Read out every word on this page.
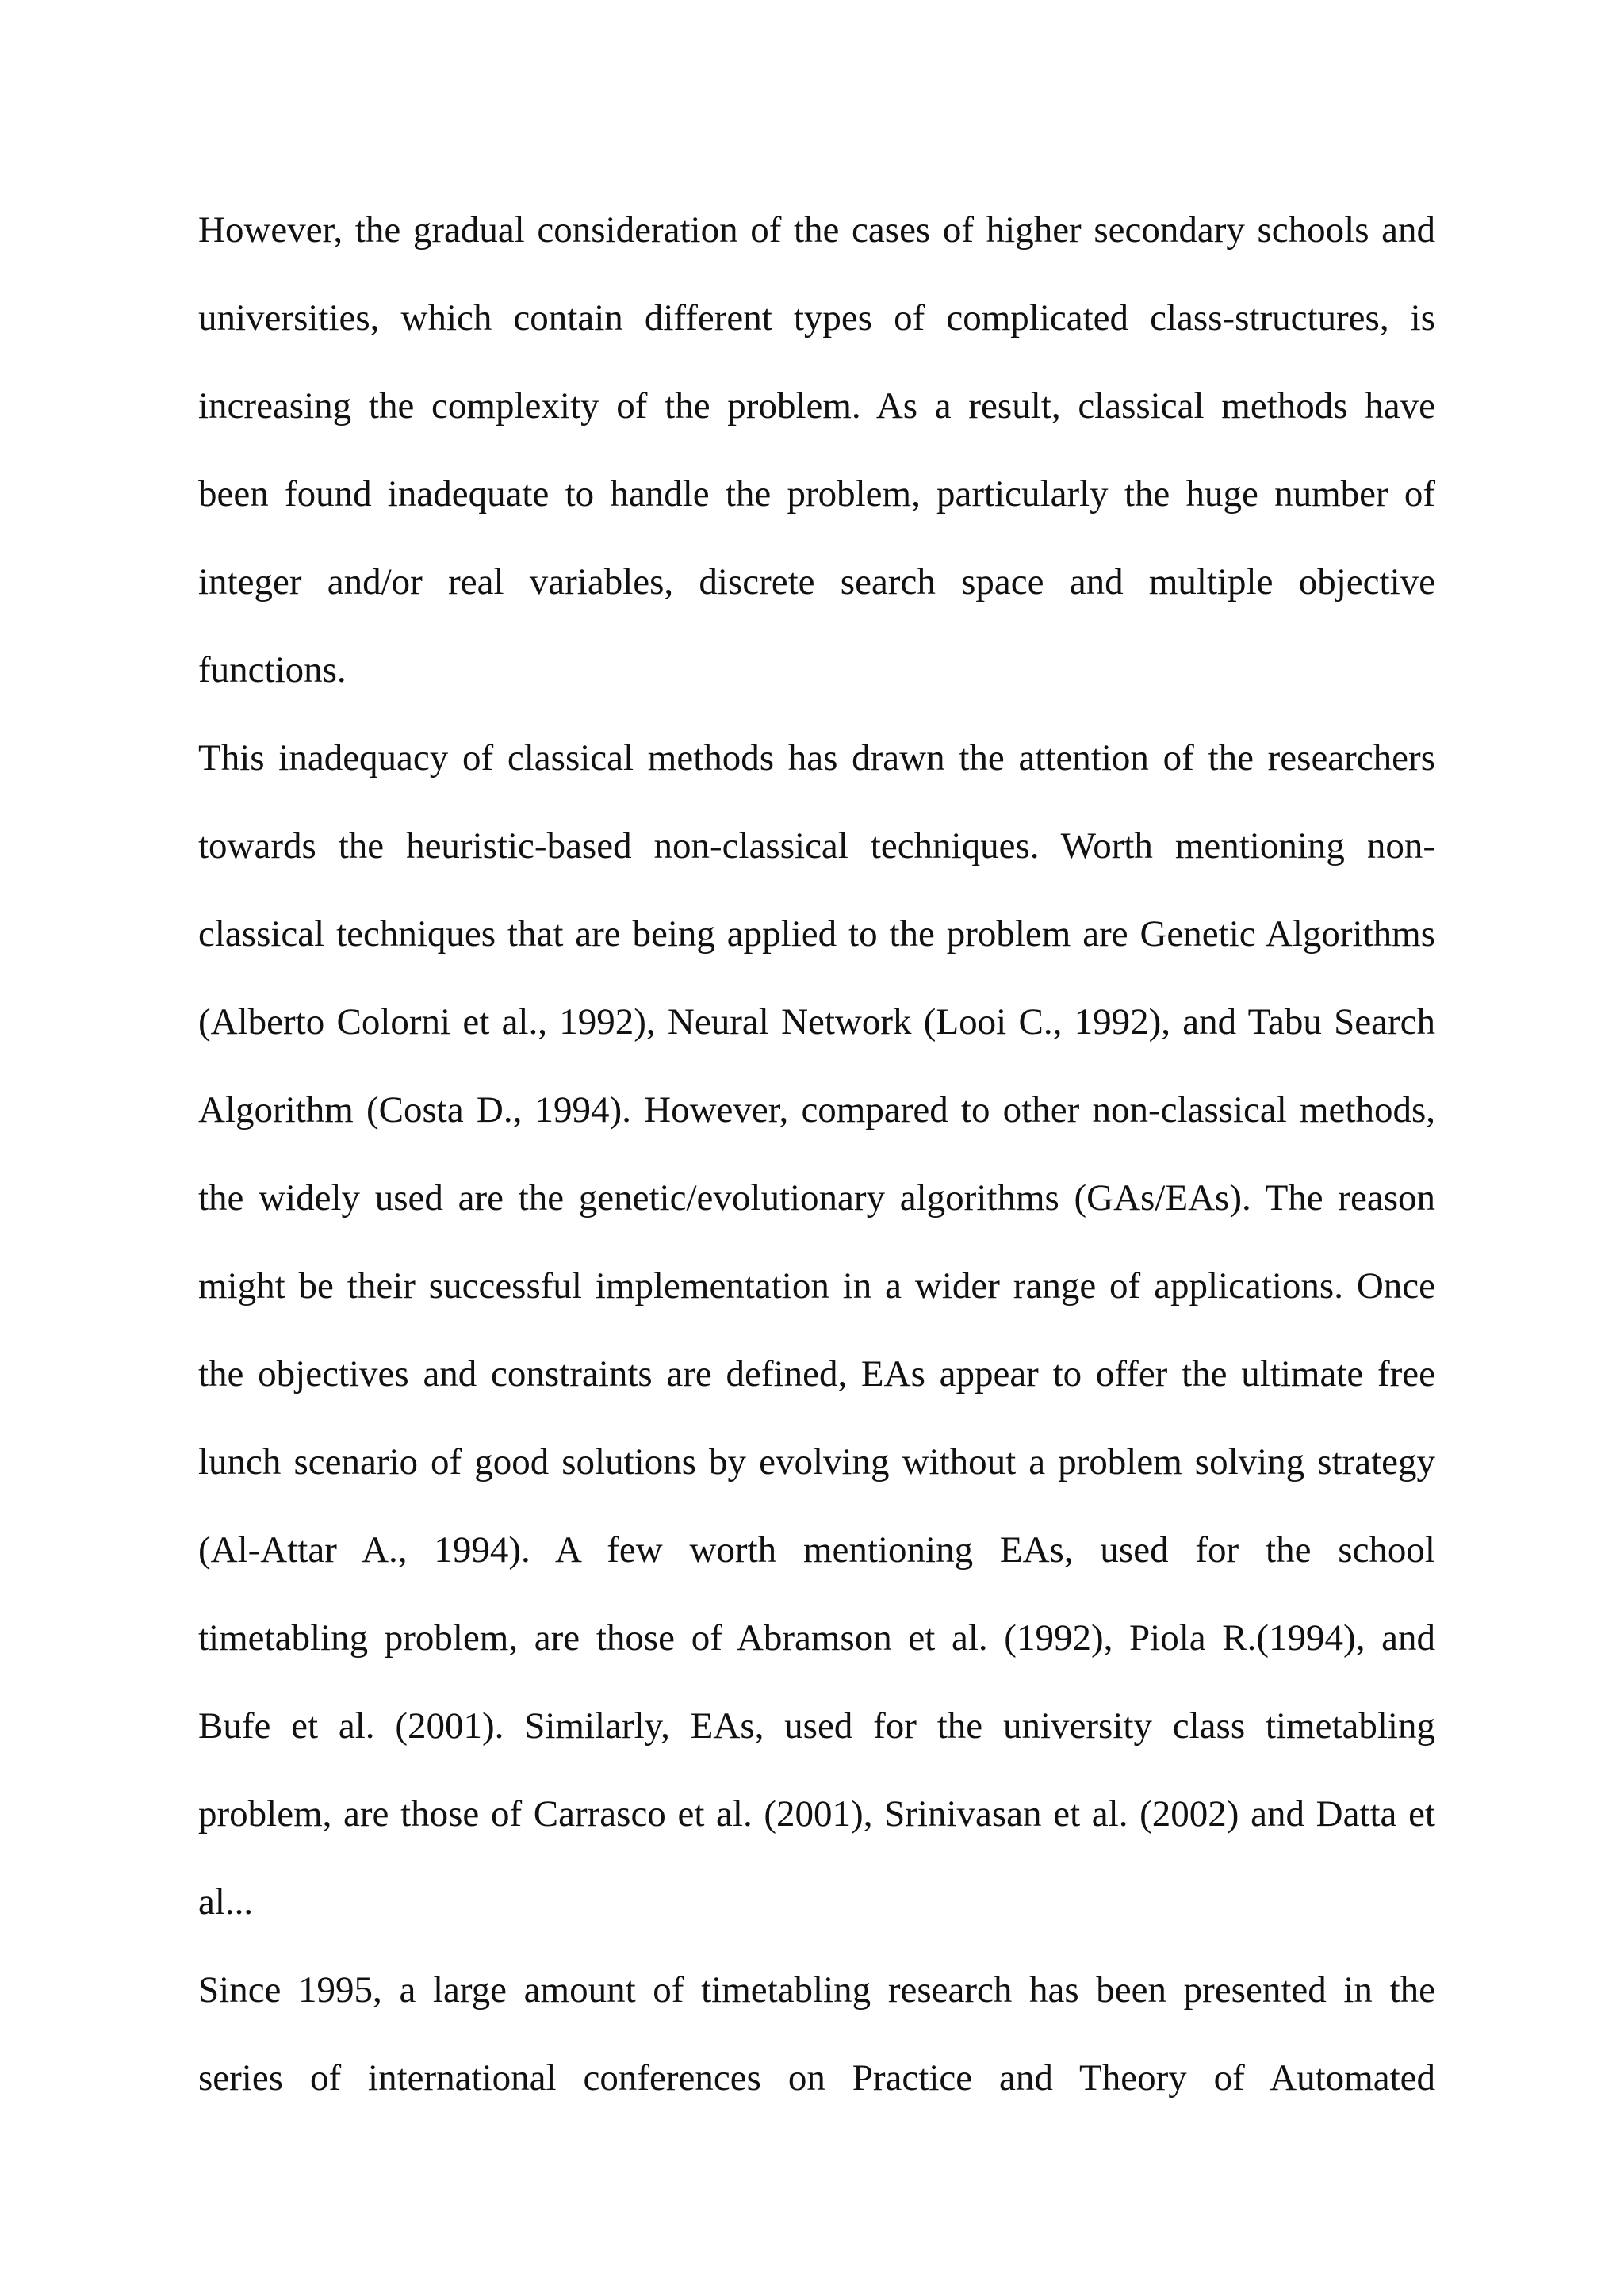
However, the gradual consideration of the cases of higher secondary schools and
universities, which contain different types of complicated class-structures, is
increasing the complexity of the problem. As a result, classical methods have
been found inadequate to handle the problem, particularly the huge number of
integer and/or real variables, discrete search space and multiple objective
functions.

This inadequacy of classical methods has drawn the attention of the researchers
towards the heuristic-based non-classical techniques. Worth mentioning non-
classical techniques that are being applied to the problem are Genetic Algorithms
(Alberto Colorni et al., 1992), Neural Network (Looi C., 1992), and Tabu Search
Algorithm (Costa D., 1994). However, compared to other non-classical methods,
the widely used are the genetic/evolutionary algorithms (GAs/EAs). The reason
might be their successful implementation in a wider range of applications. Once
the objectives and constraints are defined, EAs appear to offer the ultimate free
lunch scenario of good solutions by evolving without a problem solving strategy
(Al-Attar A., 1994). A few worth mentioning EAs, used for the school
timetabling problem, are those of Abramson et al. (1992), Piola R.(1994), and
Bufe et al. (2001). Similarly, EAs, used for the university class timetabling
problem, are those of Carrasco et al. (2001), Srinivasan et al. (2002) and Datta et
al...

Since 1995, a large amount of timetabling research has been presented in the
series of international conferences on Practice and Theory of Automated
